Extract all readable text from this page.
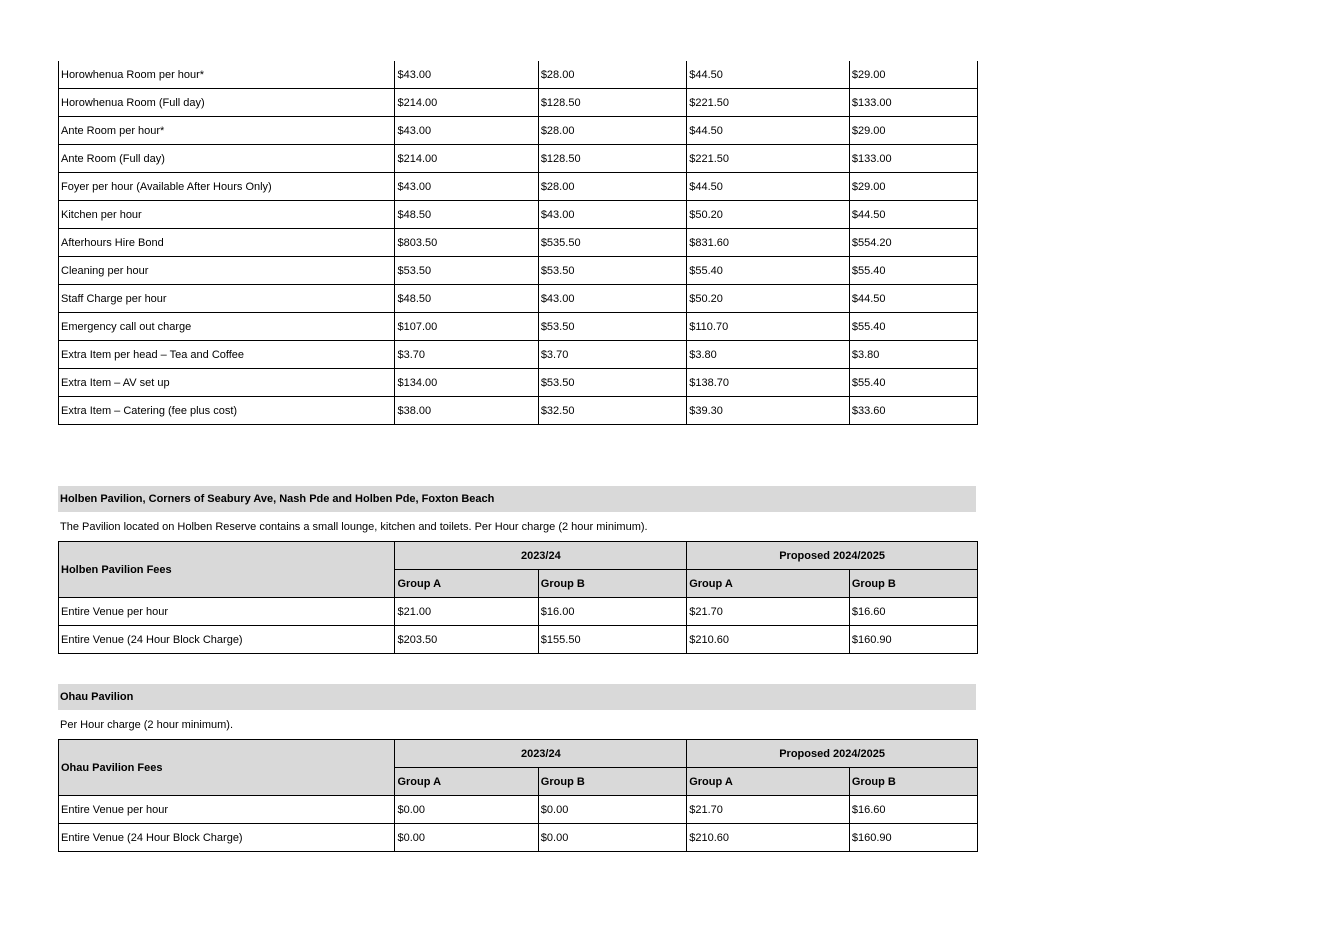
Horowhenua Room per hour*	$43.00	$28.00	$44.50	$29.00
Horowhenua Room (Full day)	$214.00	$128.50	$221.50	$133.00
Ante Room per hour*	$43.00	$28.00	$44.50	$29.00
Ante Room (Full day)	$214.00	$128.50	$221.50	$133.00
Foyer per hour (Available After Hours Only)	$43.00	$28.00	$44.50	$29.00
Kitchen per hour	$48.50	$43.00	$50.20	$44.50
Afterhours Hire Bond	$803.50	$535.50	$831.60	$554.20
Cleaning per hour	$53.50	$53.50	$55.40	$55.40
Staff Charge per hour	$48.50	$43.00	$50.20	$44.50
Emergency call out charge	$107.00	$53.50	$110.70	$55.40
Extra Item per head – Tea and Coffee	$3.70	$3.70	$3.80	$3.80
Extra Item – AV set up	$134.00	$53.50	$138.70	$55.40
Extra Item – Catering (fee plus cost)	$38.00	$32.50	$39.30	$33.60
Holben Pavilion, Corners of Seabury Ave, Nash Pde and Holben Pde, Foxton Beach
The Pavilion located on Holben Reserve contains a small lounge, kitchen and toilets. Per Hour charge (2 hour minimum).
Holben Pavilion Fees	2023/24		Proposed 2024/2025	
	Group A	Group B	Group A	Group B
Entire Venue per hour	$21.00	$16.00	$21.70	$16.60
Entire Venue (24 Hour Block Charge)	$203.50	$155.50	$210.60	$160.90
Ohau Pavilion
Per Hour charge (2 hour minimum).
Ohau Pavilion Fees	2023/24		Proposed 2024/2025	
	Group A	Group B	Group A	Group B
Entire Venue per hour	$0.00	$0.00	$21.70	$16.60
Entire Venue (24 Hour Block Charge)	$0.00	$0.00	$210.60	$160.90
